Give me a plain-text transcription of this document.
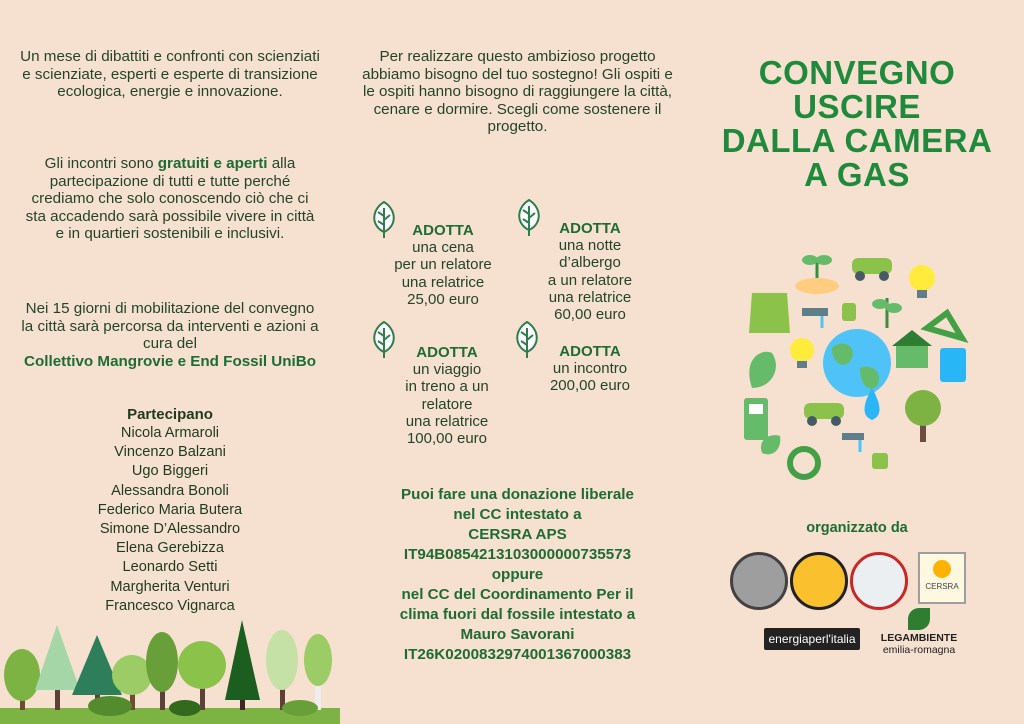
Un mese di dibattiti e confronti con scienziati e scienziate, esperti e esperte di transizione ecologica, energie e innovazione.

Gli incontri sono gratuiti e aperti alla partecipazione di tutti e tutte perché crediamo che solo conoscendo ciò che ci sta accadendo sarà possibile vivere in città e in quartieri sostenibili e inclusivi.

Nei 15 giorni di mobilitazione del convegno la città sarà percorsa da interventi e azioni a cura del
Collettivo Mangrovie e End Fossil UniBo

Partecipano
Nicola Armaroli
Vincenzo Balzani
Ugo Biggeri
Alessandra Bonoli
Federico Maria Butera
Simone D’Alessandro
Elena Gerebizza
Leonardo Setti
Margherita Venturi
Francesco Vignarca

Per realizzare questo ambizioso progetto abbiamo bisogno del tuo sostegno! Gli ospiti e le ospiti hanno bisogno di raggiungere la città, cenare e dormire. Scegli come sostenere il progetto.

ADOTTA
una cena
per un relatore
una relatrice
25,00 euro
ADOTTA
una notte
d’albergo
a un relatore
una relatrice
60,00 euro
ADOTTA
un viaggio
in treno a un
relatore
una relatrice
100,00 euro
ADOTTA
un incontro
200,00 euro
Puoi fare una donazione liberale
nel CC intestato a
CERSRA APS
IT94B0854213103000000735573
oppure
nel CC del Coordinamento Per il
clima fuori dal fossile intestato a
Mauro Savorani
IT26K0200832974001367000383
CONVEGNO
USCIRE
DALLA CAMERA
A GAS
organizzato da
CERSRA
energiaperl'italia	LEGAMBIENTE
emilia-romagna
